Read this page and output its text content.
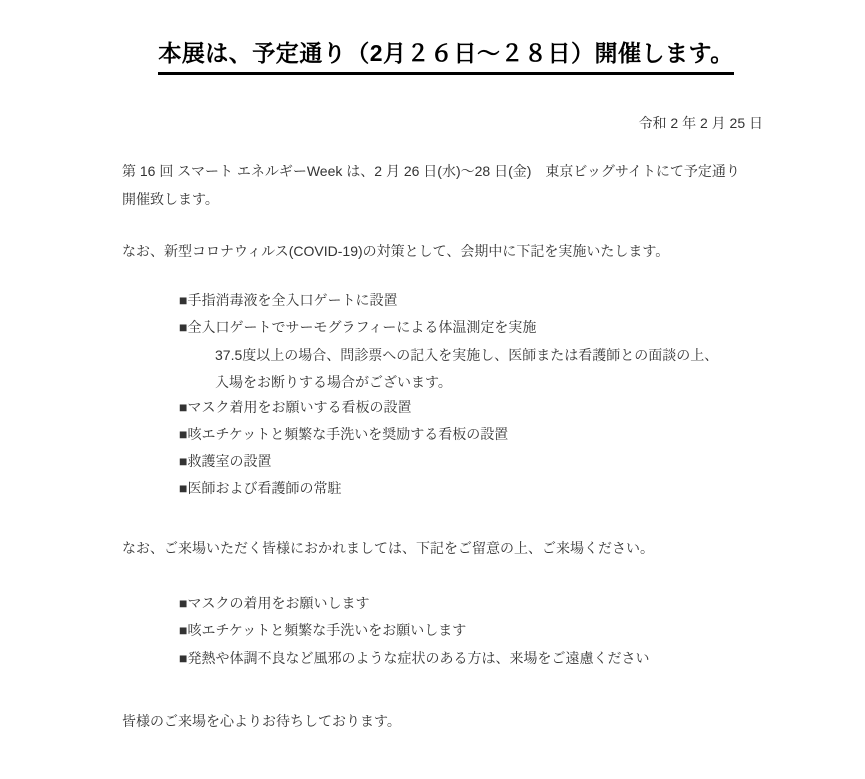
本展は、予定通り（2月２６日～２８日）開催します。
令和 2 年 2 月 25 日
第 16 回 スマート エネルギーWeek は、2 月 26 日(水)～28 日(金)　東京ビッグサイトにて予定通り
開催致します。
なお、新型コロナウィルス(COVID-19)の対策として、会期中に下記を実施いたします。
■手指消毒液を全入口ゲートに設置
■全入口ゲートでサーモグラフィーによる体温測定を実施
37.5度以上の場合、問診票への記入を実施し、医師または看護師との面談の上、
入場をお断りする場合がございます。
■マスク着用をお願いする看板の設置
■咳エチケットと頻繁な手洗いを奨励する看板の設置
■救護室の設置
■医師および看護師の常駐
なお、ご来場いただく皆様におかれましては、下記をご留意の上、ご来場ください。
■マスクの着用をお願いします
■咳エチケットと頻繁な手洗いをお願いします
■発熱や体調不良など風邪のような症状のある方は、来場をご遠慮ください
皆様のご来場を心よりお待ちしております。
